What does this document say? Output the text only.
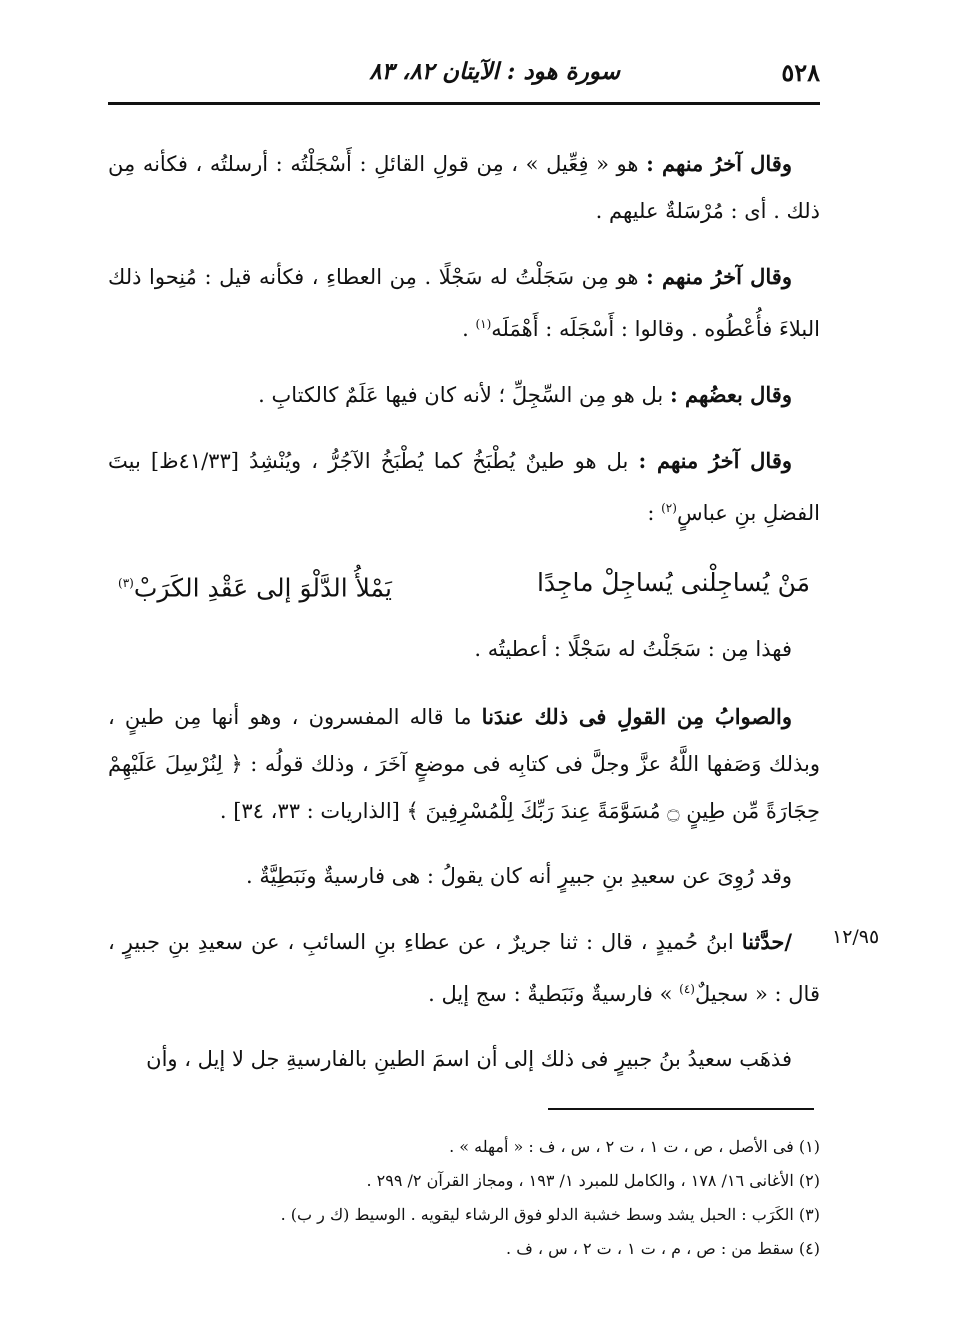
٥٢٨
سورة هود : الآيتان ٨٢، ٨٣

وقال آخرُ منهم : هو « فِعِّيل » ، مِن قولِ القائلِ : أَسْجَلْتُه : أرسلتُه ، فكأنه مِن ذلك . أى : مُرْسَلةٌ عليهم .

وقال آخرُ منهم : هو مِن سَجَلْتُ له سَجْلًا . مِن العطاءِ ، فكأنه قيل : مُنِحوا ذلك البلاءَ فأُعْطُوه . وقالوا : أَسْجَلَه : أَهْمَلَه$^{(١)}$ .

وقال بعضُهم : بل هو مِن السِّجِلِّ ؛ لأنه كان فيها عَلَمٌ كالكتابِ .

وقال آخرُ منهم : بل هو طينٌ يُطْبَخُ كما يُطْبَخُ الآجُرُّ ، ويُنْشِدُ [٤١/٣٣ظ] بيتَ الفضلِ بنِ عباسٍ$^{(٢)}$ :

مَنْ يُساجِلْنى يُساجِلْ ماجِدًا
يَمْلأُ الدَّلْوَ إلى عَقْدِ الكَرَبْ$^{(٣)}$

فهذا مِن : سَجَلْتُ له سَجْلًا : أعطيتُه .

والصوابُ مِن القولِ فى ذلك عندَنا ما قاله المفسرون ، وهو أنها مِن طينٍ ، وبذلك وَصَفها اللَّهُ عزَّ وجلَّ فى كتابِه فى موضعٍ آخَرَ ، وذلك قولُه : ﴿ لِنُرْسِلَ عَلَيْهِمْ حِجَارَةً مِّن طِينٍ ۝ مُسَوَّمَةً عِندَ رَبِّكَ لِلْمُسْرِفِينَ ﴾ [الذاريات : ٣٣، ٣٤] .

وقد رُوِىَ عن سعيدِ بنِ جبيرٍ أنه كان يقولُ : هى فارسيةٌ ونَبَطِيَّةٌ .

/حدَّثنا ابنُ حُميدٍ ، قال : ثنا جريرٌ ، عن عطاءِ بنِ السائبِ ، عن سعيدِ بنِ جبيرٍ ، قال : « سجيلٌ$^{(٤)}$ » فارسيةٌ ونَبَطيةٌ : سج إيل .

فذهَب سعيدُ بنُ جبيرٍ فى ذلك إلى أن اسمَ الطينِ بالفارسيةِ جل لا إيل ، وأن

١٢/٩٥

(١) فى الأصل ، ص ، ت ١ ، ت ٢ ، س ، ف : « أمهله » .

(٢) الأغانى ١٦/ ١٧٨ ، والكامل للمبرد ١/ ١٩٣ ، ومجاز القرآن ٢/ ٢٩٩ .

(٣) الكَرَب : الحبل يشد وسط خشبة الدلو فوق الرشاء ليقويه . الوسيط (ك ر ب) .

(٤) سقط من : ص ، م ، ت ١ ، ت ٢ ، س ، ف .
